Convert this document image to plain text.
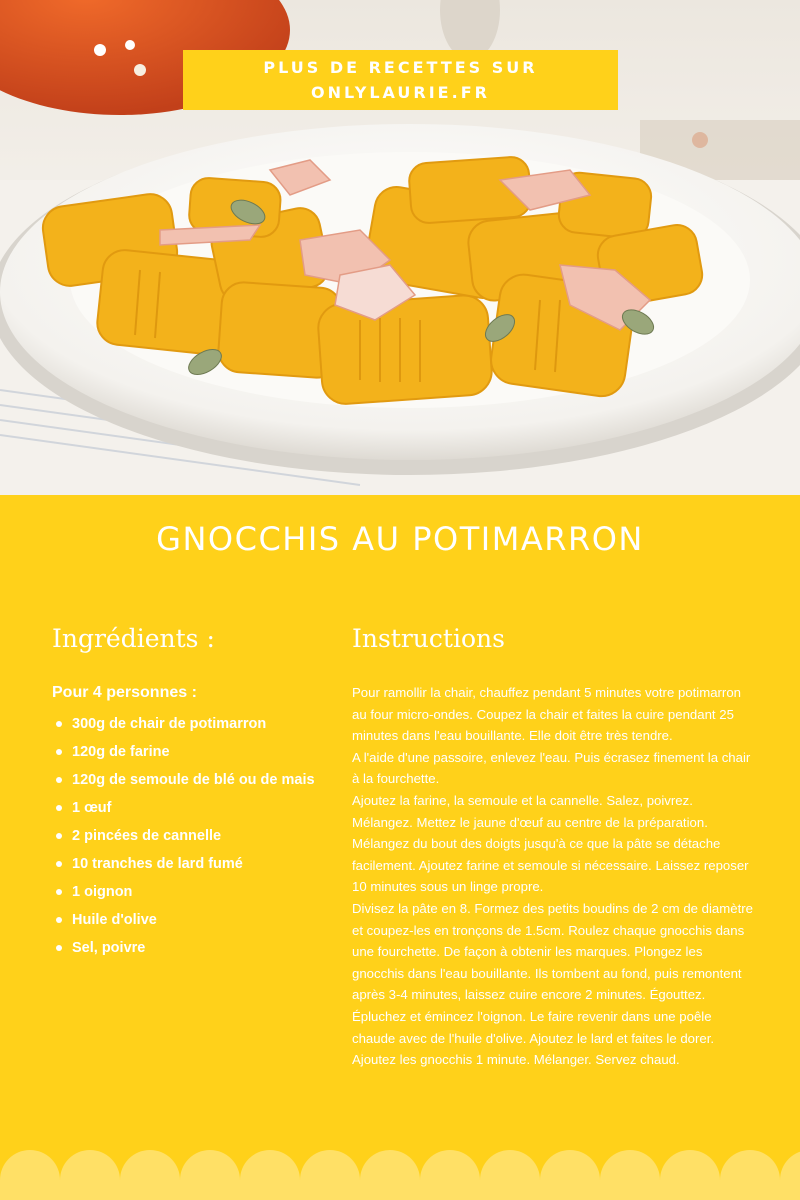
PLUS DE RECETTES SUR
ONLYLAURIE.FR
GNOCCHIS AU POTIMARRON
Ingrédients :	Instructions
Pour 4 personnes :
300g de chair de potimarron
120g de farine
120g de semoule de blé ou de mais
1 œuf
2 pincées de cannelle
10 tranches de lard fumé
1 oignon
Huile d'olive
Sel, poivre

Pour ramollir la chair, chauffez pendant 5 minutes votre potimarron au four micro-ondes. Coupez la chair et faites la cuire pendant 25 minutes dans l'eau bouillante. Elle doit être très tendre.

A l'aide d'une passoire, enlevez l'eau. Puis écrasez finement la chair à la fourchette.

Ajoutez la farine, la semoule et la cannelle. Salez, poivrez. Mélangez. Mettez le jaune d'œuf au centre de la préparation. Mélangez du bout des doigts jusqu'à ce que la pâte se détache facilement. Ajoutez farine et semoule si nécessaire. Laissez reposer 10 minutes sous un linge propre.

Divisez la pâte en 8. Formez des petits boudins de 2 cm de diamètre et coupez-les en tronçons de 1.5cm. Roulez chaque gnocchis dans une fourchette. De façon à obtenir les marques. Plongez les gnocchis dans l'eau bouillante. Ils tombent au fond, puis remontent après 3-4 minutes, laissez cuire encore 2 minutes. Égouttez.

Épluchez et émincez l'oignon. Le faire revenir dans une poêle chaude avec de l'huile d'olive. Ajoutez le lard et faites le dorer. Ajoutez les gnocchis 1 minute. Mélanger. Servez chaud.
